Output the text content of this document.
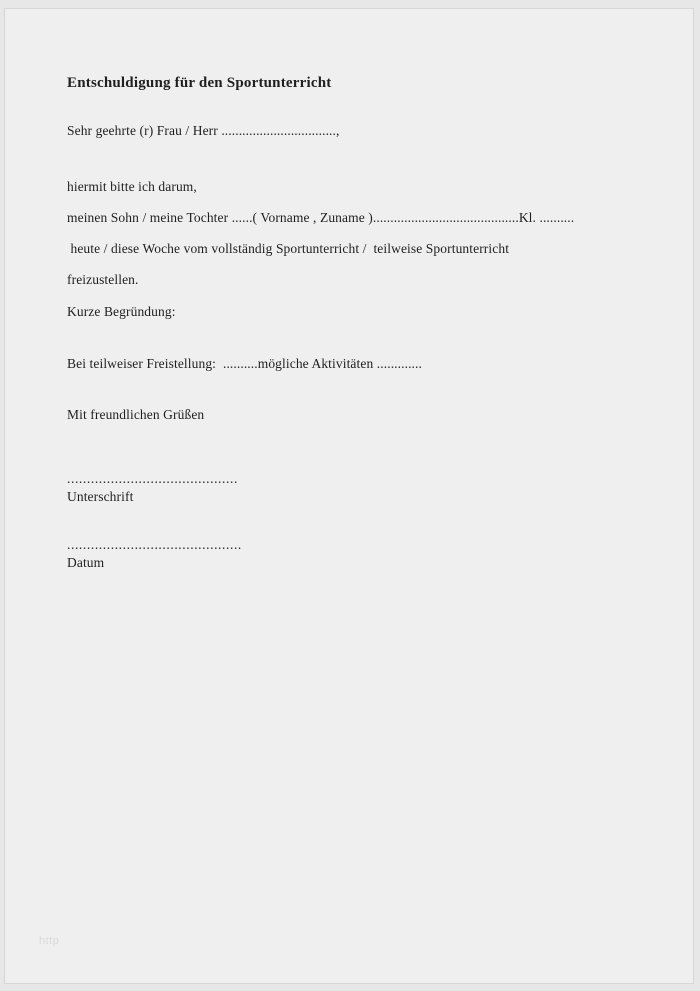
Entschuldigung für den Sportunterricht
Sehr geehrte (r) Frau / Herr .................................,
hiermit bitte ich darum,
meinen Sohn / meine Tochter ......( Vorname , Zuname )..........................................Kl. ..........
heute / diese Woche vom vollständig Sportunterricht /  teilweise Sportunterricht
freizustellen.
Kurze Begründung:
Bei teilweiser Freistellung:  ..........mögliche Aktivitäten .............
Mit freundlichen Grüßen
...........................................
Unterschrift
............................................
Datum
http
